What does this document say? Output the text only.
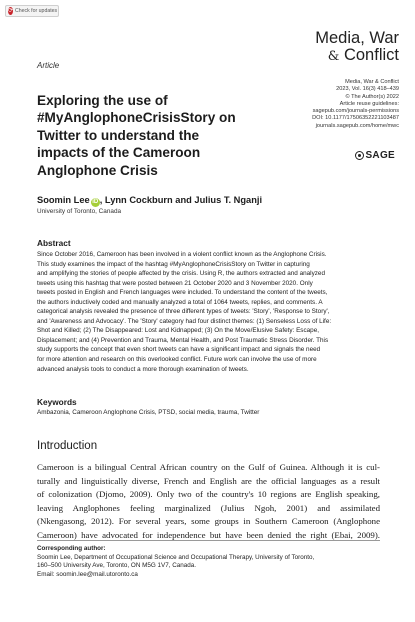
⟳ Check for updates
Media, War
& Conflict
Article
Media, War & Conflict
2023, Vol. 16(3) 418–439
© The Author(s) 2022
Article reuse guidelines:
sagepub.com/journals-permissions
DOI: 10.1177/17506352221103487
journals.sagepub.com/home/mwc
SAGE
Exploring the use of #MyAnglophoneCrisisStory on Twitter to understand the impacts of the Cameroon Anglophone Crisis
Soomin Lee iD , Lynn Cockburn and Julius T. Nganji
University of Toronto, Canada
Abstract
Since October 2016, Cameroon has been involved in a violent conflict known as the Anglophone Crisis.
This study examines the impact of the hashtag #MyAnglophoneCrisisStory on Twitter in capturing
and amplifying the stories of people affected by the crisis. Using R, the authors extracted and analyzed
tweets using this hashtag that were posted between 21 October 2020 and 3 November 2020. Only
tweets posted in English and French languages were included. To understand the content of the tweets,
the authors inductively coded and manually analyzed a total of 1064 tweets, replies, and comments. A
categorical analysis revealed the presence of three different types of tweets: 'Story', 'Response to Story',
and 'Awareness and Advocacy'. The 'Story' category had four distinct themes: (1) Senseless Loss of Life:
Shot and Killed; (2) The Disappeared: Lost and Kidnapped; (3) On the Move/Elusive Safety: Escape,
Displacement; and (4) Prevention and Trauma, Mental Health, and Post Traumatic Stress Disorder. This
study supports the concept that even short tweets can have a significant impact and signals the need
for more attention and research on this overlooked conflict. Future work can involve the use of more
advanced analysis tools to conduct a more thorough examination of tweets.
Keywords
Ambazonia, Cameroon Anglophone Crisis, PTSD, social media, trauma, Twitter
Introduction
Cameroon is a bilingual Central African country on the Gulf of Guinea. Although it is cul-
turally and linguistically diverse, French and English are the official languages as a result
of colonization (Djomo, 2009). Only two of the country's 10 regions are English speaking,
leaving Anglophones feeling marginalized (Julius Ngoh, 2001) and assimilated
(Nkengasong, 2012). For several years, some groups in Southern Cameroon (Anglophone
Cameroon) have advocated for independence but have been denied the right (Ebai, 2009).
Corresponding author:
Soomin Lee, Department of Occupational Science and Occupational Therapy, University of Toronto,
160–500 University Ave, Toronto, ON M5G 1V7, Canada.
Email: soomin.lee@mail.utoronto.ca
